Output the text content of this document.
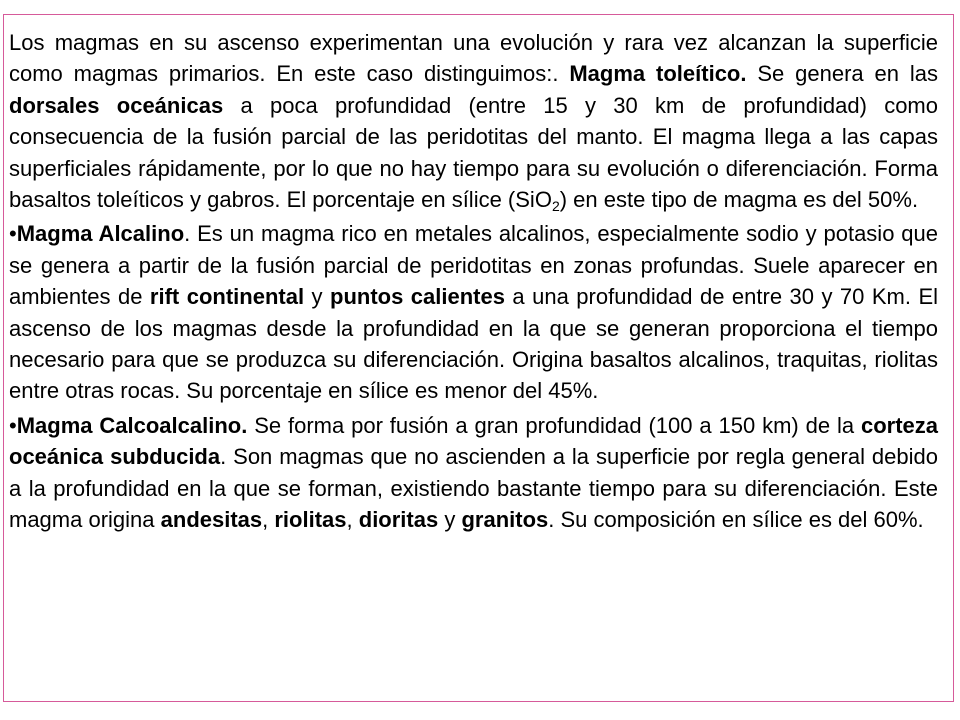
Los magmas en su ascenso experimentan una evolución y rara vez alcanzan la superficie como magmas primarios. En este caso distinguimos:. Magma toleítico. Se genera en las dorsales oceánicas a poca profundidad (entre 15 y 30 km de profundidad) como consecuencia de la fusión parcial de las peridotitas del manto. El magma llega a las capas superficiales rápidamente, por lo que no hay tiempo para su evolución o diferenciación. Forma basaltos toleíticos y gabros. El porcentaje en sílice (SiO$_2$) en este tipo de magma es del 50%.

•Magma Alcalino. Es un magma rico en metales alcalinos, especialmente sodio y potasio que se genera a partir de la fusión parcial de peridotitas en zonas profundas. Suele aparecer en ambientes de rift continental y puntos calientes a una profundidad de entre 30 y 70 Km. El ascenso de los magmas desde la profundidad en la que se generan proporciona el tiempo necesario para que se produzca su diferenciación. Origina basaltos alcalinos, traquitas, riolitas entre otras rocas. Su porcentaje en sílice es menor del 45%.

•Magma Calcoalcalino. Se forma por fusión a gran profundidad (100 a 150 km) de la corteza oceánica subducida. Son magmas que no ascienden a la superficie por regla general debido a la profundidad en la que se forman, existiendo bastante tiempo para su diferenciación. Este magma origina andesitas, riolitas, dioritas y granitos. Su composición en sílice es del 60%.
